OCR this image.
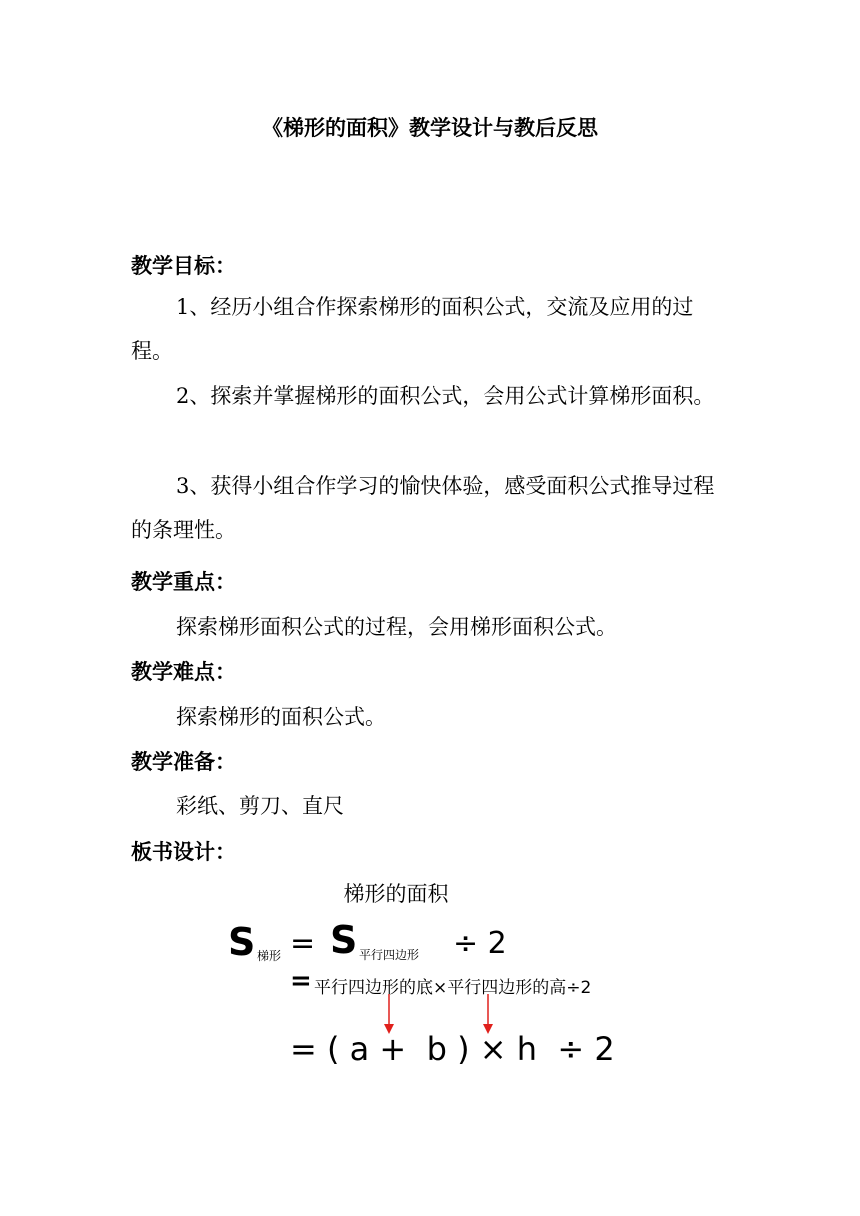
《梯形的面积》教学设计与教后反思
教学目标：

1、经历小组合作探索梯形的面积公式，交流及应用的过程。

2、探索并掌握梯形的面积公式，会用公式计算梯形面积。

3、获得小组合作学习的愉快体验，感受面积公式推导过程的条理性。

教学重点：
探索梯形面积公式的过程，会用梯形面积公式。
教学难点：
探索梯形的面积公式。
教学准备：
彩纸、剪刀、直尺
板书设计：
梯形的面积
S 梯形 = S 平行四边形 ÷ 2
= 平行四边形的底×平行四边形的高÷2
= ( a +  b ) × h  ÷ 2
